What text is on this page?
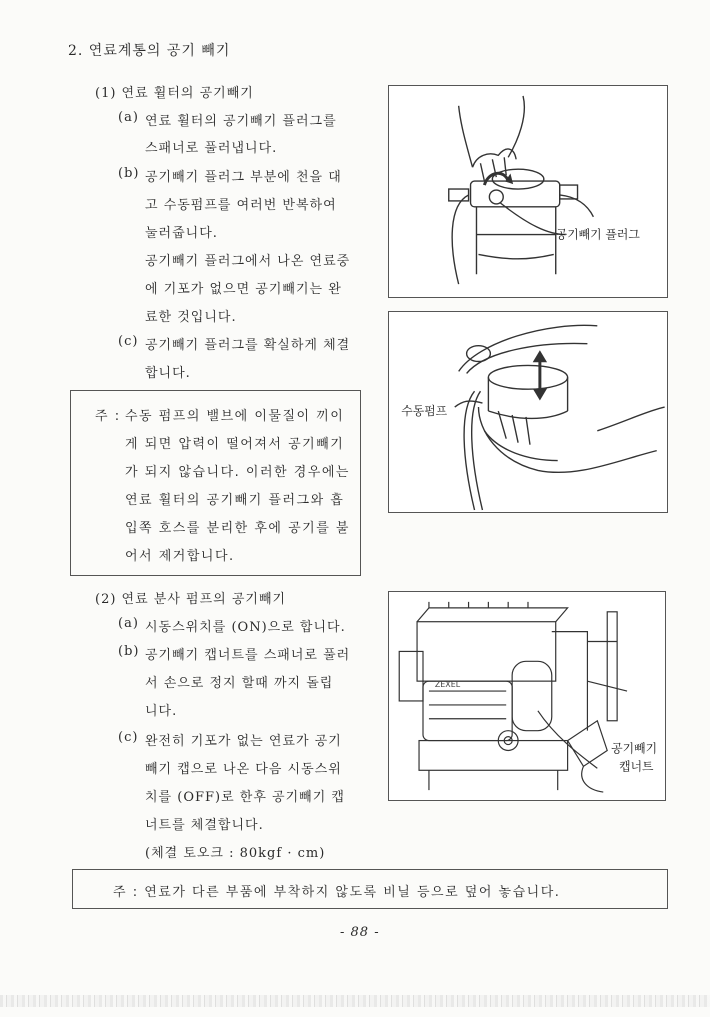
2. 연료계통의 공기 빼기
(1) 연료 휠터의 공기빼기
(a) 연료 휠터의 공기빼기 플러그를
스패너로 풀러냅니다.
(b) 공기빼기 플러그 부분에 천을 대
고 수동펌프를 여러번 반복하여
눌러줍니다.
공기빼기 플러그에서 나온 연료중
에 기포가 없으면 공기빼기는 완
료한 것입니다.
(c) 공기빼기 플러그를 확실하게 체결
합니다.
주 : 수동 펌프의 밸브에 이물질이 끼이
게 되면 압력이 떨어져서 공기빼기
가 되지 않습니다. 이러한 경우에는
연료 휠터의 공기빼기 플러그와 흡
입쪽 호스를 분리한 후에 공기를 불
어서 제거합니다.
(2) 연료 분사 펌프의 공기빼기
(a) 시동스위치를 (ON)으로 합니다.
(b) 공기빼기 캡너트를 스패너로 풀러
서 손으로 정지 할때 까지 돌립
니다.
(c) 완전히 기포가 없는 연료가 공기
빼기 캡으로 나온 다음 시동스위
치를 (OFF)로 한후 공기빼기 캡
너트를 체결합니다.
(체결 토오크 : 80kgf · cm)
공기빼기 플러그
수동펌프
ZEXEL
공기빼기
캡너트
주 : 연료가 다른 부품에 부착하지 않도록 비닐 등으로 덮어 놓습니다.
- 88 -
